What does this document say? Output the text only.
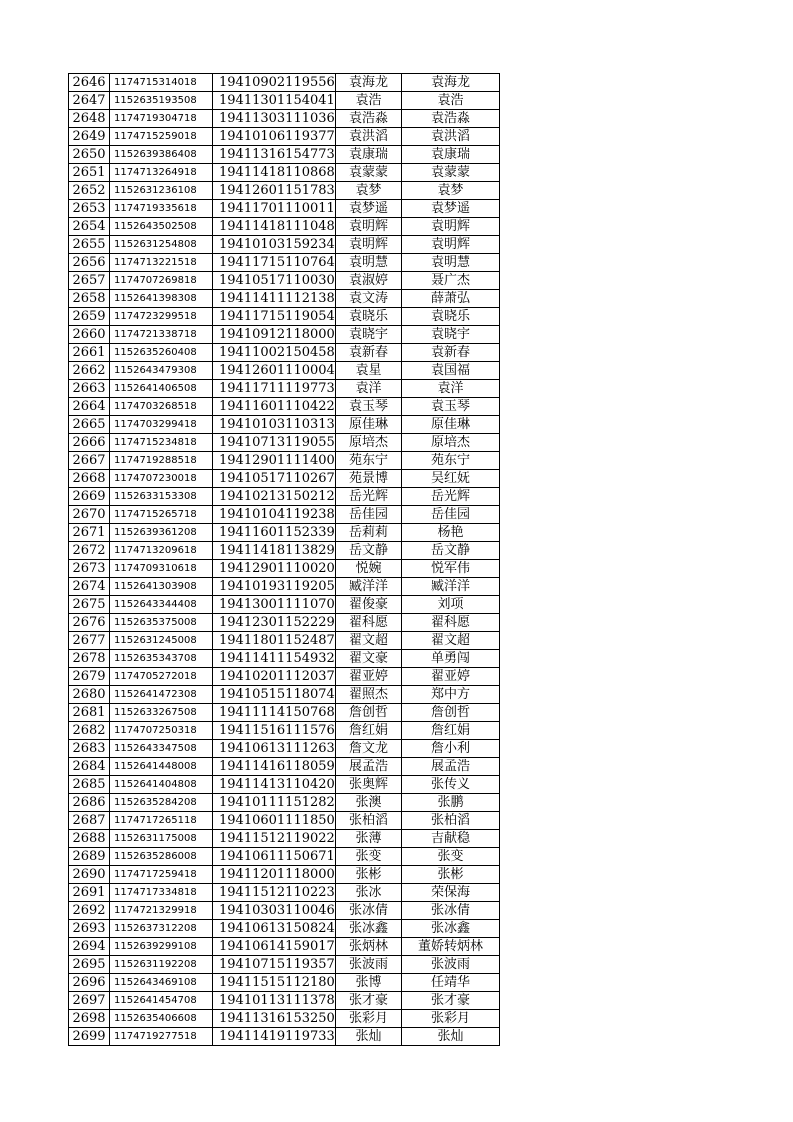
2646	1174715314018	19410902119556	袁海龙	袁海龙
2647	1152635193508	19411301154041	袁浩	袁浩
2648	1174719304718	19411303111036	袁浩淼	袁浩淼
2649	1174715259018	19410106119377	袁洪滔	袁洪滔
2650	1152639386408	19411316154773	袁康瑞	袁康瑞
2651	1174713264918	19411418110868	袁蒙蒙	袁蒙蒙
2652	1152631236108	19412601151783	袁梦	袁梦
2653	1174719335618	19411701110011	袁梦遥	袁梦遥
2654	1152643502508	19411418111048	袁明辉	袁明辉
2655	1152631254808	19410103159234	袁明辉	袁明辉
2656	1174713221518	19411715110764	袁明慧	袁明慧
2657	1174707269818	19410517110030	袁淑婷	聂广杰
2658	1152641398308	19411411112138	袁文涛	薛萧弘
2659	1174723299518	19411715119054	袁晓乐	袁晓乐
2660	1174721338718	19410912118000	袁晓宇	袁晓宇
2661	1152635260408	19411002150458	袁新春	袁新春
2662	1152643479308	19412601110004	袁星	袁国福
2663	1152641406508	19411711119773	袁洋	袁洋
2664	1174703268518	19411601110422	袁玉琴	袁玉琴
2665	1174703299418	19410103110313	原佳琳	原佳琳
2666	1174715234818	19410713119055	原培杰	原培杰
2667	1174719288518	19412901111400	苑东宁	苑东宁
2668	1174707230018	19410517110267	苑景博	吴红妩
2669	1152633153308	19410213150212	岳光辉	岳光辉
2670	1174715265718	19410104119238	岳佳园	岳佳园
2671	1152639361208	19411601152339	岳莉莉	杨艳
2672	1174713209618	19411418113829	岳文静	岳文静
2673	1174709310618	19412901110020	悦婉	悦军伟
2674	1152641303908	19410193119205	臧洋洋	臧洋洋
2675	1152643344408	19413001111070	翟俊豪	刘项
2676	1152635375008	19412301152229	翟科愿	翟科愿
2677	1152631245008	19411801152487	翟文超	翟文超
2678	1152635343708	19411411154932	翟文豪	单勇闯
2679	1174705272018	19410201112037	翟亚婷	翟亚婷
2680	1152641472308	19410515118074	翟照杰	郑中方
2681	1152633267508	19411114150768	詹创哲	詹创哲
2682	1174707250318	19411516111576	詹红娟	詹红娟
2683	1152643347508	19410613111263	詹文龙	詹小利
2684	1152641448008	19411416118059	展孟浩	展孟浩
2685	1152641404808	19411413110420	张奥辉	张传义
2686	1152635284208	19410111151282	张澳	张鹏
2687	1174717265118	19410601111850	张柏滔	张柏滔
2688	1152631175008	19411512119022	张薄	吉献稳
2689	1152635286008	19410611150671	张变	张变
2690	1174717259418	19411201118000	张彬	张彬
2691	1174717334818	19411512110223	张冰	荣保海
2692	1174721329918	19410303110046	张冰倩	张冰倩
2693	1152637312208	19410613150824	张冰鑫	张冰鑫
2694	1152639299108	19410614159017	张炳林	董娇转炳林
2695	1152631192208	19410715119357	张波雨	张波雨
2696	1152643469108	19411515112180	张博	任靖华
2697	1152641454708	19410113111378	张才豪	张才豪
2698	1152635406608	19411316153250	张彩月	张彩月
2699	1174719277518	19411419119733	张灿	张灿
